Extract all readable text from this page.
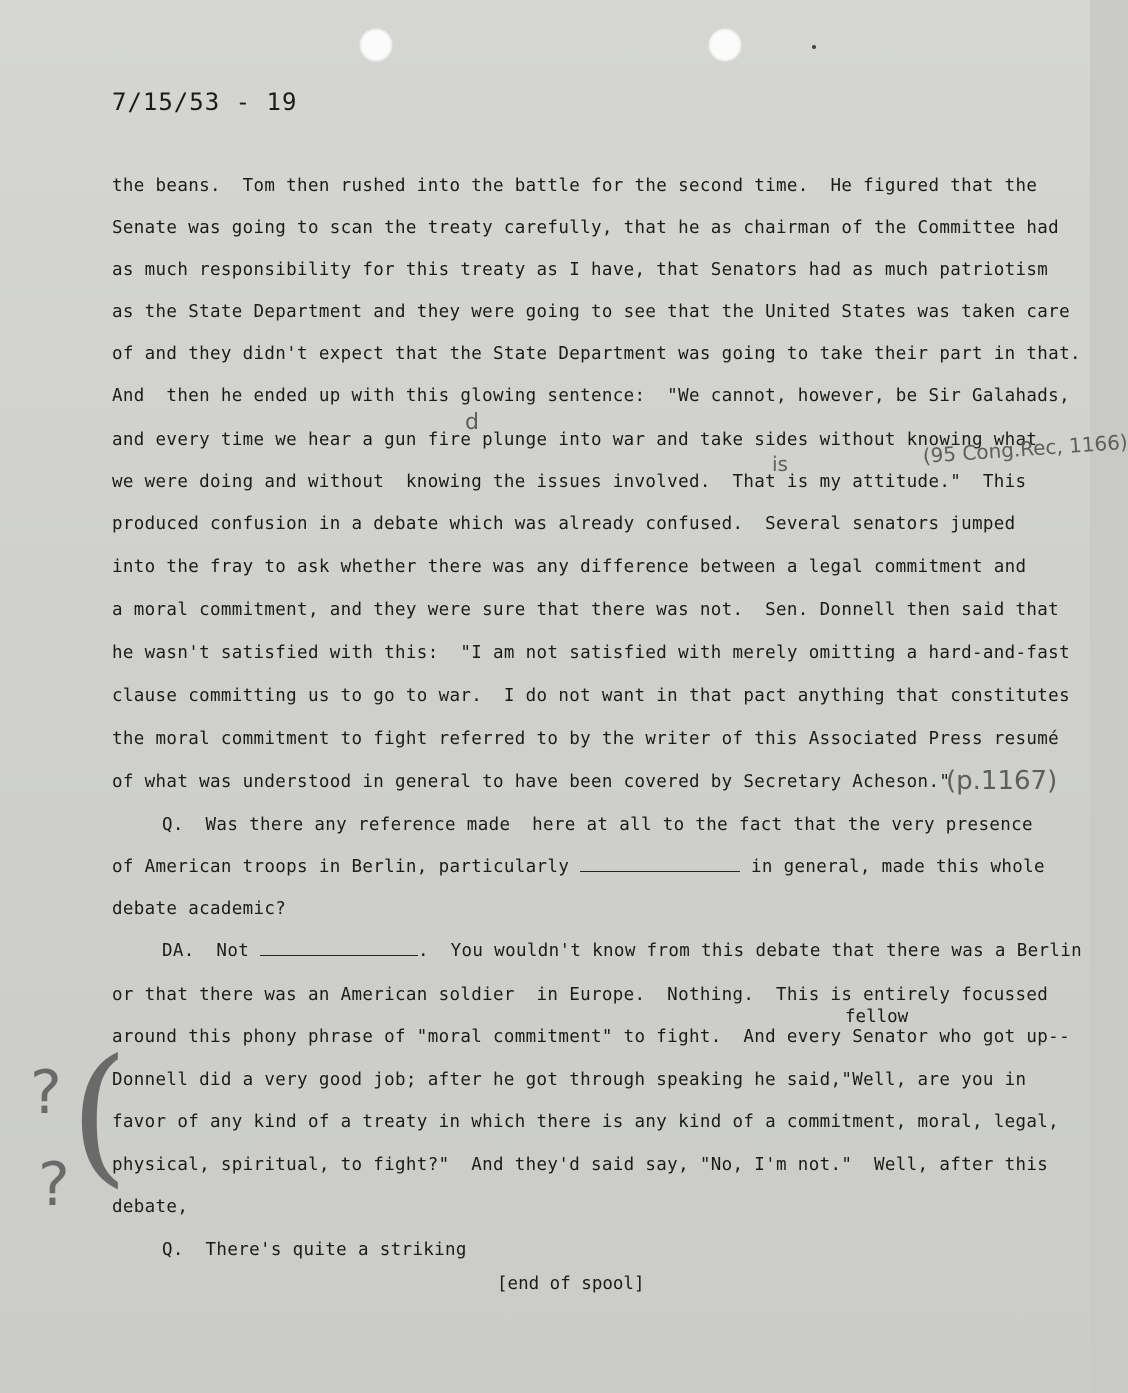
7/15/53 - 19
the beans.  Tom then rushed into the battle for the second time.  He figured that the
Senate was going to scan the treaty carefully, that he as chairman of the Committee had
as much responsibility for this treaty as I have, that Senators had as much patriotism
as the State Department and they were going to see that the United States was taken care
of and they didn't expect that the State Department was going to take their part in that.
And  then he ended up with this glowing sentence:  "We cannot, however, be Sir Galahads,
and every time we hear a gun fire plunge into war and take sides without knowing what
we were doing and without  knowing the issues involved.  That is my attitude."  This
produced confusion in a debate which was already confused.  Several senators jumped
into the fray to ask whether there was any difference between a legal commitment and
a moral commitment, and they were sure that there was not.  Sen. Donnell then said that
he wasn't satisfied with this:  "I am not satisfied with merely omitting a hard-and-fast
clause committing us to go to war.  I do not want in that pact anything that constitutes
the moral commitment to fight referred to by the writer of this Associated Press resumé
of what was understood in general to have been covered by Secretary Acheson."
d
is	(95 Cong.Rec, 1166)
(p.1167)
Q.  Was there any reference made  here at all to the fact that the very presence
of American troops in Berlin, particularly	in general, made this whole
debate academic?
DA.  Not	.  You wouldn't know from this debate that there was a Berlin
or that there was an American soldier  in Europe.  Nothing.  This is entirely focussed
fellow
around this phony phrase of "moral commitment" to fight.  And every Senator who got up--
Donnell did a very good job; after he got through speaking he said,"Well, are you in
favor of any kind of a treaty in which there is any kind of a commitment, moral, legal,
physical, spiritual, to fight?"  And they'd said say, "No, I'm not."  Well, after this
debate,
Q.  There's quite a striking
[end of spool]
?
? (
